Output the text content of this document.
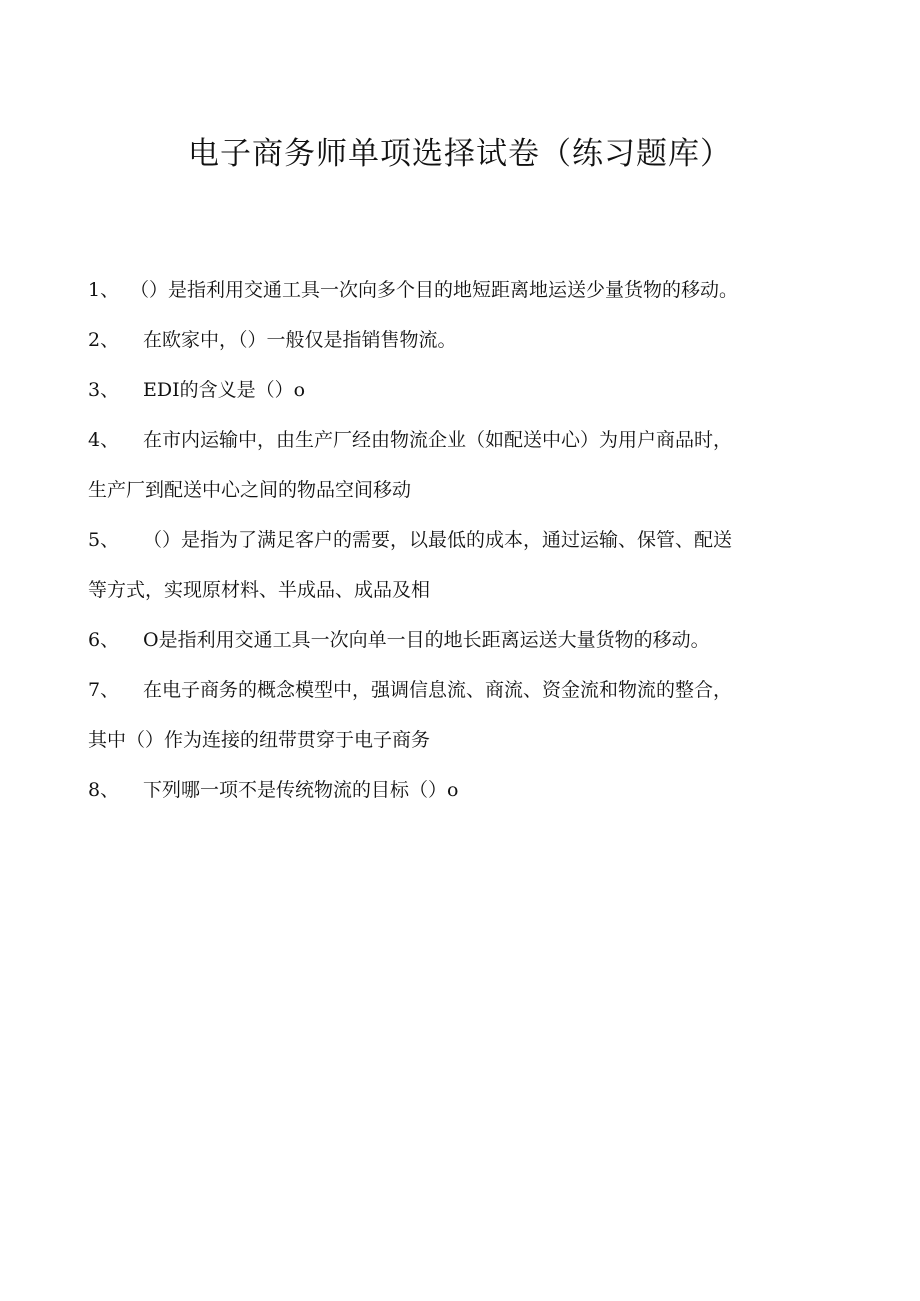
电子商务师单项选择试卷（练习题库）
1、 （）是指利用交通工具一次向多个目的地短距离地运送少量货物的移动。
2、	在欧家中，（）一般仅是指销售物流。
3、	EDI的含义是（）o
4、	在市内运输中，由生产厂经由物流企业（如配送中心）为用户商品时，
生产厂到配送中心之间的物品空间移动
5、	（）是指为了满足客户的需要，以最低的成本，通过运输、保管、配送
等方式，实现原材料、半成品、成品及相
6、	O是指利用交通工具一次向单一目的地长距离运送大量货物的移动。
7、	在电子商务的概念模型中，强调信息流、商流、资金流和物流的整合，
其中（）作为连接的纽带贯穿于电子商务
8、	下列哪一项不是传统物流的目标（）o
